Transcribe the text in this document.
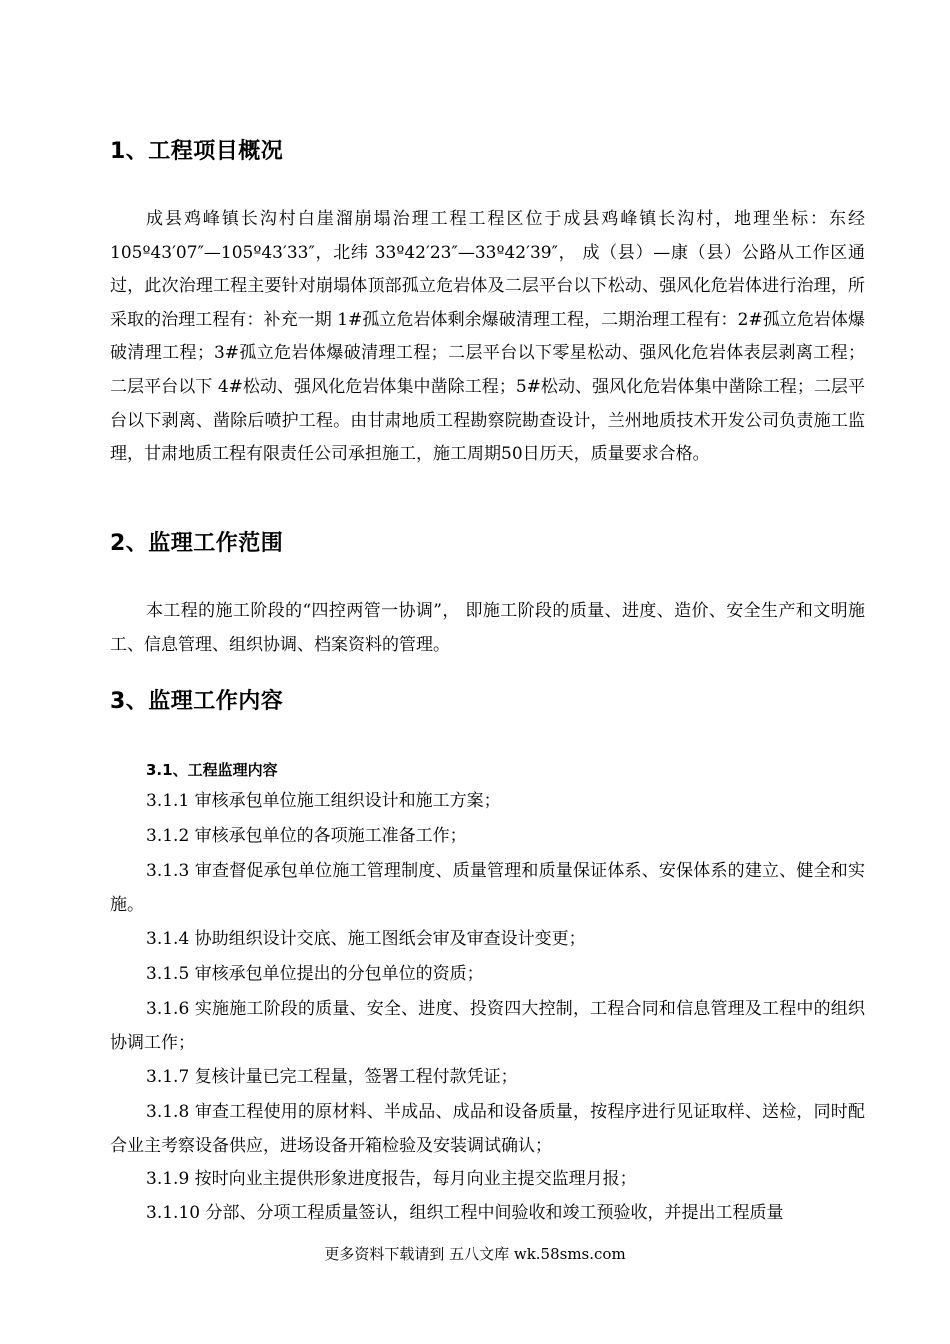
1、工程项目概况

成县鸡峰镇长沟村白崖溜崩塌治理工程工程区位于成县鸡峰镇长沟村，地理坐标：东经 105º43′07″—105º43′33″，北纬 33º42′23″—33º42′39″， 成（县）—康（县）公路从工作区通过，此次治理工程主要针对崩塌体顶部孤立危岩体及二层平台以下松动、强风化危岩体进行治理，所采取的治理工程有：补充一期 1#孤立危岩体剩余爆破清理工程，二期治理工程有：2#孤立危岩体爆破清理工程；3#孤立危岩体爆破清理工程；二层平台以下零星松动、强风化危岩体表层剥离工程；二层平台以下 4#松动、强风化危岩体集中凿除工程；5#松动、强风化危岩体集中凿除工程；二层平台以下剥离、凿除后喷护工程。由甘肃地质工程勘察院勘查设计，兰州地质技术开发公司负责施工监理，甘肃地质工程有限责任公司承担施工，施工周期50日历天，质量要求合格。

2、监理工作范围

本工程的施工阶段的“四控两管一协调”， 即施工阶段的质量、进度、造价、安全生产和文明施工、信息管理、组织协调、档案资料的管理。

3、监理工作内容
3.1、工程监理内容

3.1.1 审核承包单位施工组织设计和施工方案；

3.1.2 审核承包单位的各项施工准备工作；

3.1.3 审查督促承包单位施工管理制度、质量管理和质量保证体系、安保体系的建立、健全和实施。

3.1.4 协助组织设计交底、施工图纸会审及审查设计变更；

3.1.5 审核承包单位提出的分包单位的资质；

3.1.6 实施施工阶段的质量、安全、进度、投资四大控制，工程合同和信息管理及工程中的组织协调工作；

3.1.7 复核计量已完工程量，签署工程付款凭证；

3.1.8 审查工程使用的原材料、半成品、成品和设备质量，按程序进行见证取样、送检，同时配合业主考察设备供应，进场设备开箱检验及安装调试确认；

3.1.9 按时向业主提供形象进度报告，每月向业主提交监理月报；

3.1.10 分部、分项工程质量签认，组织工程中间验收和竣工预验收，并提出工程质量

更多资料下载请到 五八文库 wk.58sms.com
